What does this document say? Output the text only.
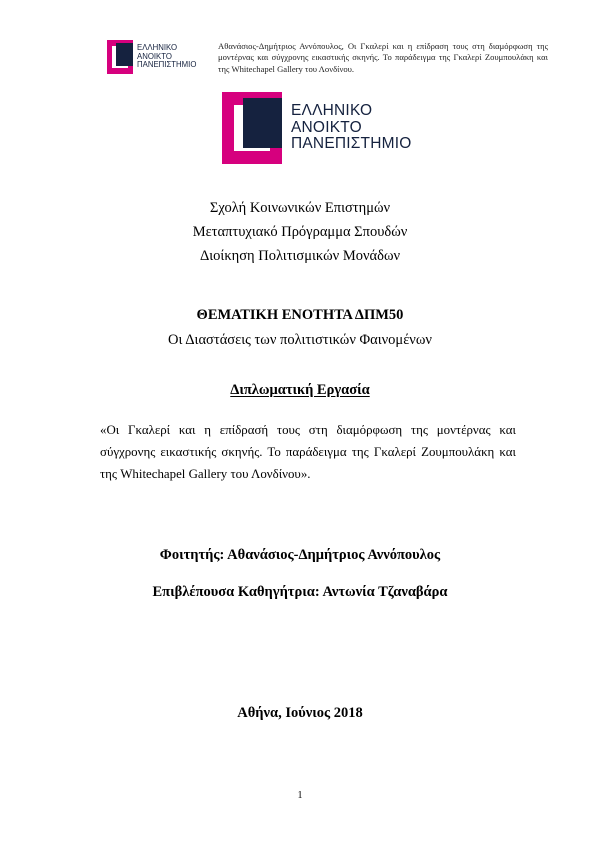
ΕΛΛΗΝΙΚΟ
ΑΝΟΙΚΤΟ
ΠΑΝΕΠΙΣΤΗΜΙΟ
Αθανάσιος-Δημήτριος Αννόπουλος, Οι Γκαλερί και η επίδραση τους στη διαμόρφωση της μοντέρνας και σύγχρονης εικαστικής σκηνής. Το παράδειγμα της Γκαλερί Ζουμπουλάκη και της Whitechapel Gallery του Λονδίνου.
ΕΛΛΗΝΙΚΟ
ΑΝΟΙΚΤΟ
ΠΑΝΕΠΙΣΤΗΜΙΟ
Σχολή Κοινωνικών Επιστημών
Μεταπτυχιακό Πρόγραμμα Σπουδών
Διοίκηση Πολιτισμικών Μονάδων
ΘΕΜΑΤΙΚΗ ΕΝΟΤΗΤΑ ΔΠΜ50
Οι Διαστάσεις των πολιτιστικών Φαινομένων
Διπλωματική Εργασία
«Οι Γκαλερί και η επίδρασή τους στη διαμόρφωση της μοντέρνας και σύγχρονης εικαστικής σκηνής. Το παράδειγμα της Γκαλερί Ζουμπουλάκη και της Whitechapel Gallery του Λονδίνου».
Φοιτητής: Αθανάσιος-Δημήτριος Αννόπουλος
Επιβλέπουσα Καθηγήτρια: Αντωνία Τζαναβάρα
Αθήνα, Ιούνιος 2018
1
